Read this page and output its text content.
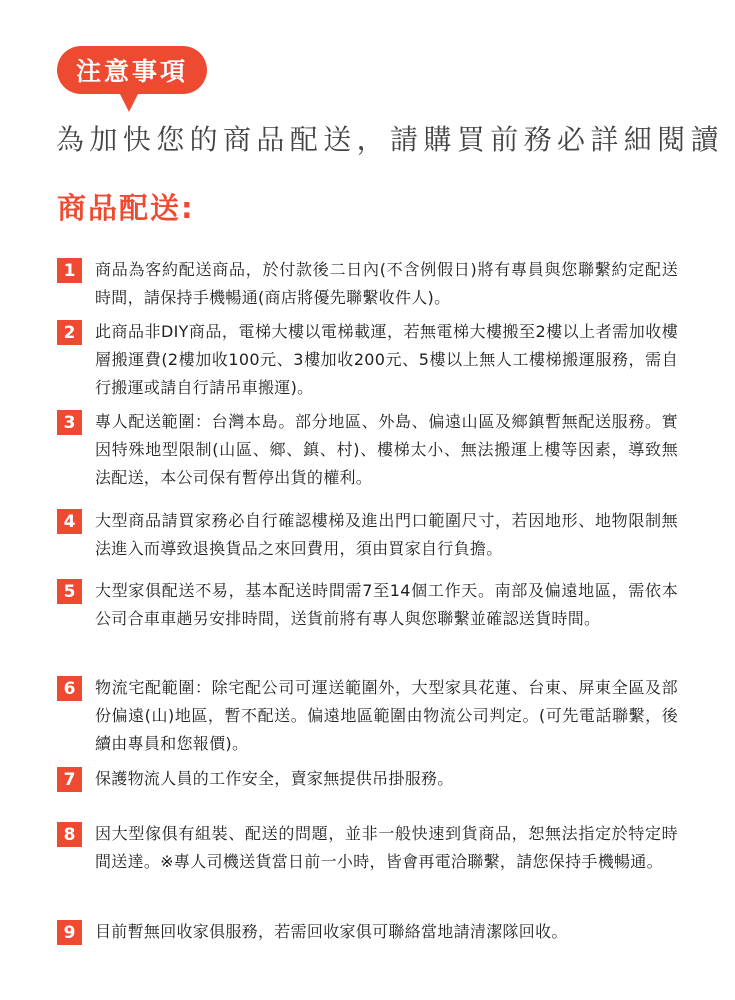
注意事項
為加快您的商品配送，請購買前務必詳細閱讀
商品配送:
1	商品為客約配送商品，於付款後二日內(不含例假日)將有專員與您聯繫約定配送時間，請保持手機暢通(商店將優先聯繫收件人)。
2	此商品非DIY商品，電梯大樓以電梯載運，若無電梯大樓搬至2樓以上者需加收樓層搬運費(2樓加收100元、3樓加收200元、5樓以上無人工樓梯搬運服務，需自行搬運或請自行請吊車搬運)。
3	專人配送範圍：台灣本島。部分地區、外島、偏遠山區及鄉鎮暫無配送服務。實因特殊地型限制(山區、鄉、鎮、村)、樓梯太小、無法搬運上樓等因素，導致無法配送，本公司保有暫停出貨的權利。
4	大型商品請買家務必自行確認樓梯及進出門口範圍尺寸，若因地形、地物限制無法進入而導致退換貨品之來回費用，須由買家自行負擔。
5	大型家俱配送不易，基本配送時間需7至14個工作天。南部及偏遠地區，需依本公司合車車趟另安排時間，送貨前將有專人與您聯繫並確認送貨時間。
6	物流宅配範圍：除宅配公司可運送範圍外，大型家具花蓮、台東、屏東全區及部份偏遠(山)地區，暫不配送。偏遠地區範圍由物流公司判定。(可先電話聯繫，後續由專員和您報價)。
7	保護物流人員的工作安全，賣家無提供吊掛服務。
8	因大型傢俱有組裝、配送的問題，並非一般快速到貨商品，恕無法指定於特定時間送達。※專人司機送貨當日前一小時，皆會再電洽聯繫，請您保持手機暢通。
9	目前暫無回收家俱服務，若需回收家俱可聯絡當地請清潔隊回收。
